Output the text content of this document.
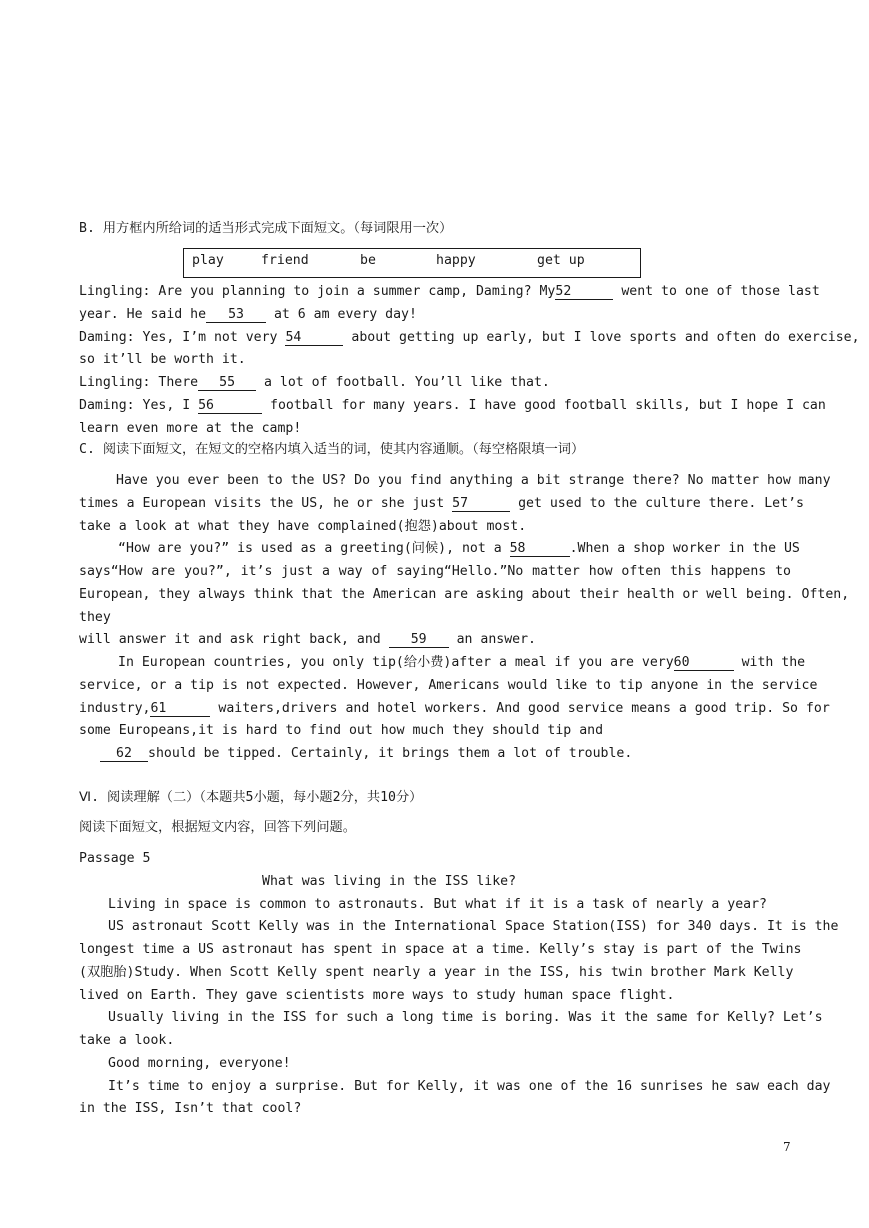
B. 用方框内所给词的适当形式完成下面短文。（每词限用一次）
play	friend	be	happy	get up
Lingling: Are you planning to join a summer camp, Daming? My52	went to one of those last
year. He said he 53 at 6 am every day!
Daming: Yes, I’m not very 54	about getting up early, but I love sports and often do exercise,
so it’ll be worth it.
Lingling: There 55 a lot of football. You’ll like that.
Daming: Yes, I 56	football for many years. I have good football skills, but I hope I can
learn even more at the camp!
C. 阅读下面短文，在短文的空格内填入适当的词，使其内容通顺。（每空格限填一词）
Have you ever been to the US? Do you find anything a bit strange there? No matter how many
times a European visits the US, he or she just 57	get used to the culture there. Let’s
take a look at what they have complained(抱怨)about most.
“How are you?” is used as a greeting(问候), not a 58	.When a shop worker in the US
says“How are you?”, it’s just a way of saying“Hello.”No matter how often this happens to
European, they always think that the American are asking about their health or well being. Often,
they
will answer it and ask right back, and 59 an answer.
In European countries, you only tip(给小费)after a meal if you are very60	with the
service, or a tip is not expected. However, Americans would like to tip anyone in the service
industry,61	waiters,drivers and hotel workers. And good service means a good trip. So for
some Europeans,it is hard to find out how much they should tip and
62 should be tipped. Certainly, it brings them a lot of trouble.
Ⅵ. 阅读理解（二）（本题共5小题，每小题2分，共10分）
阅读下面短文，根据短文内容，回答下列问题。
Passage 5
What was living in the ISS like?
Living in space is common to astronauts. But what if it is a task of nearly a year?
US astronaut Scott Kelly was in the International Space Station(ISS) for 340 days. It is the
longest time a US astronaut has spent in space at a time. Kelly’s stay is part of the Twins
(双胞胎)Study. When Scott Kelly spent nearly a year in the ISS, his twin brother Mark Kelly
lived on Earth. They gave scientists more ways to study human space flight.
Usually living in the ISS for such a long time is boring. Was it the same for Kelly? Let’s
take a look.
Good morning, everyone!
It’s time to enjoy a surprise. But for Kelly, it was one of the 16 sunrises he saw each day
in the ISS, Isn’t that cool?
7
